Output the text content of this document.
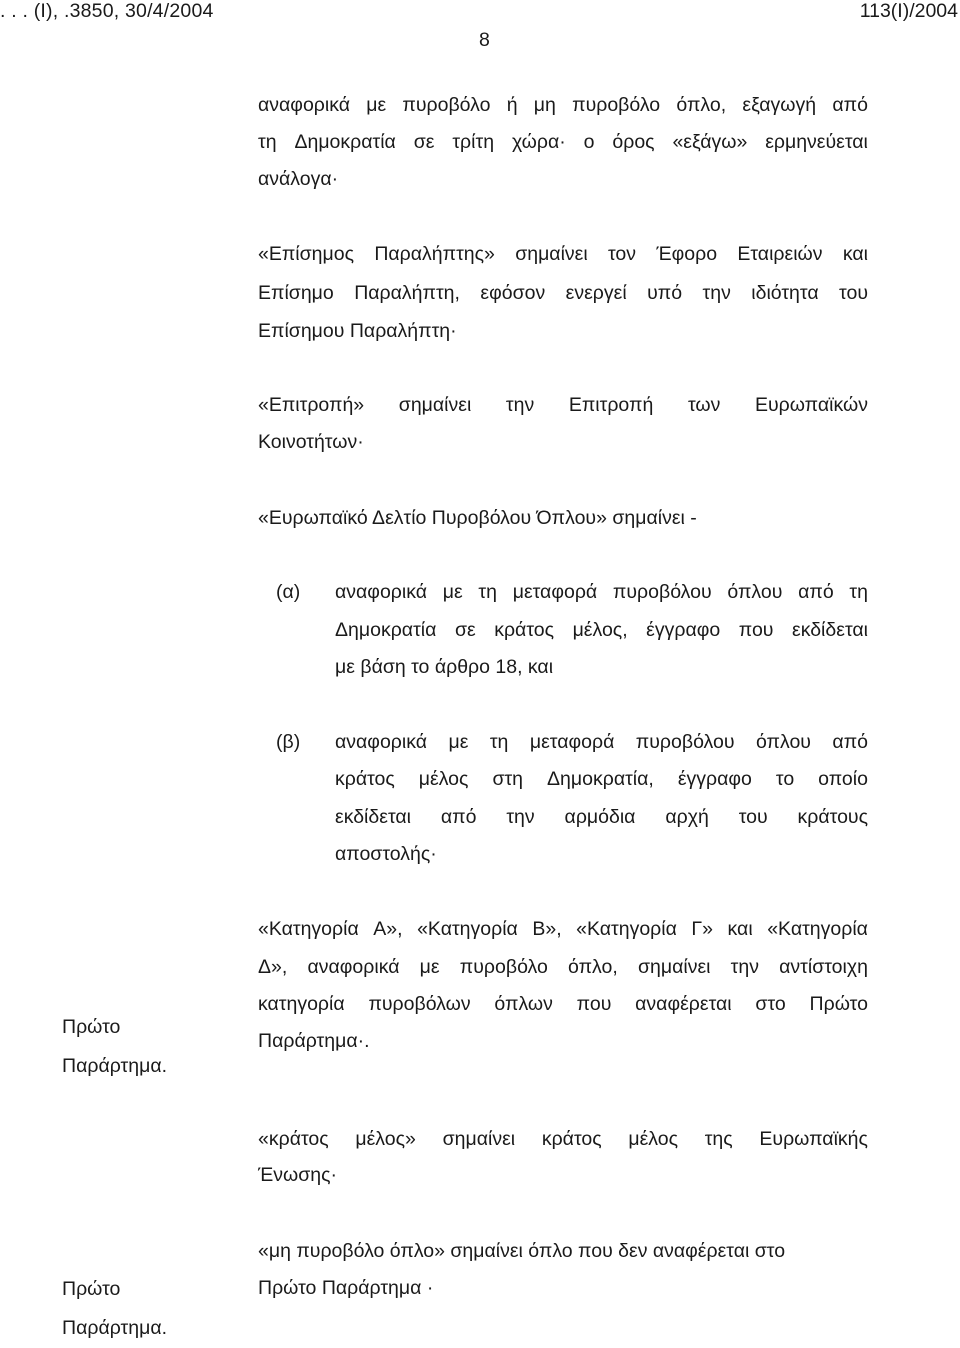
. . . (Ι), .3850, 30/4/2004	113(Ι)/2004
8
αναφορικά με πυροβόλο ή μη πυροβόλο όπλο, εξαγωγή από
τη Δημοκρατία σε τρίτη χώρα· ο όρος «εξάγω» ερμηνεύεται
ανάλογα·
«Επίσημος Παραλήπτης» σημαίνει τον Έφορο Εταιρειών και
Επίσημο Παραλήπτη, εφόσον ενεργεί υπό την ιδιότητα του
Επίσημου Παραλήπτη·
«Επιτροπή» σημαίνει την Επιτροπή των Ευρωπαϊκών
Κοινοτήτων·
«Ευρωπαϊκό Δελτίο Πυροβόλου Όπλου» σημαίνει -
(α) αναφορικά με τη μεταφορά πυροβόλου όπλου από τη
Δημοκρατία σε κράτος μέλος, έγγραφο που εκδίδεται
με βάση το άρθρο 18, και
(β) αναφορικά με τη μεταφορά πυροβόλου όπλου από
κράτος μέλος στη Δημοκρατία, έγγραφο το οποίο
εκδίδεται από την αρμόδια αρχή του κράτους
αποστολής·
«Κατηγορία Α», «Κατηγορία Β», «Κατηγορία Γ» και «Κατηγορία
Δ», αναφορικά με πυροβόλο όπλο, σημαίνει την αντίστοιχη
κατηγορία πυροβόλων όπλων που αναφέρεται στο Πρώτο
Παράρτημα·.
Πρώτο
Παράρτημα.
«κράτος μέλος» σημαίνει κράτος μέλος της Ευρωπαϊκής
Ένωσης·
«μη πυροβόλο όπλο» σημαίνει όπλο που δεν αναφέρεται στο
Πρώτο Παράρτημα ·
Πρώτο
Παράρτημα.
